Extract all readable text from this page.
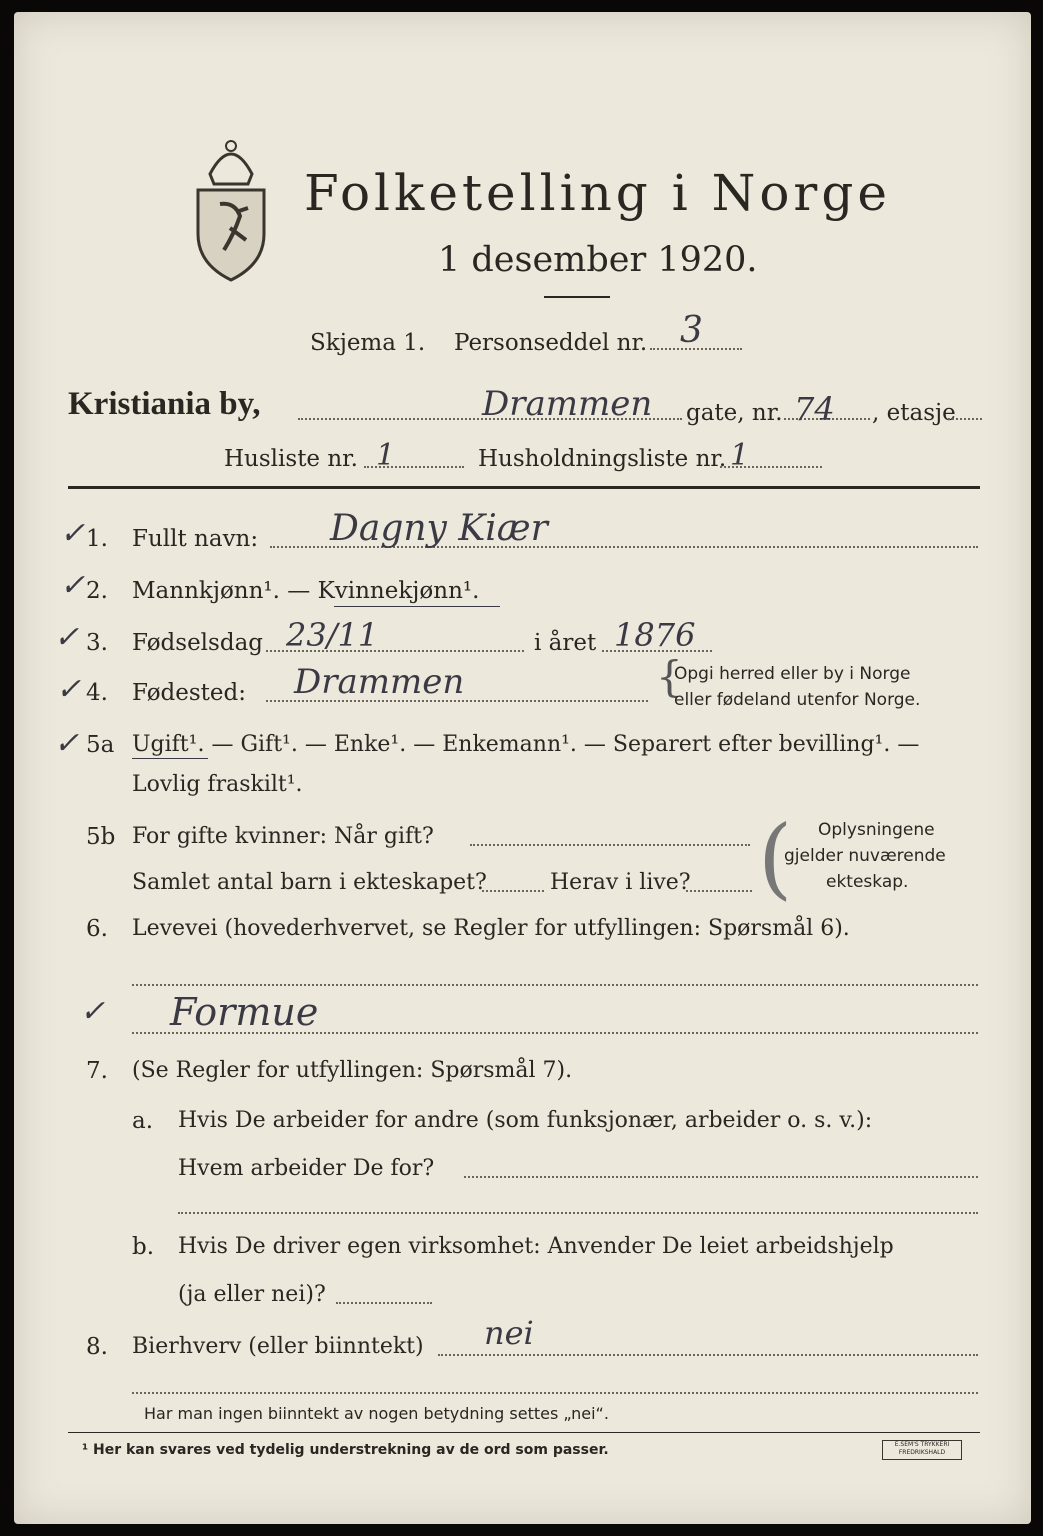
Folketelling i Norge
1 desember 1920.
Skjema 1. Personseddel nr. 3
Kristiania by,	Drammen gate, nr. 74 , etasje
Husliste nr. 1	Husholdningsliste nr. 1
✓
✓
✓
✓
✓
✓
1. Fullt navn: Dagny Kiær
2. Mannkjønn¹. — Kvinnekjønn¹.
3. Fødselsdag 23/11	i året 1876
4. Fødested: Drammen	{
Opgi herred eller by i Norge
eller fødeland utenfor Norge.
5a Ugift¹. — Gift¹. — Enke¹. — Enkemann¹. — Separert efter bevilling¹. —
Lovlig fraskilt¹.
5b For gifte kvinner: Når gift?
Samlet antal barn i ekteskapet?	Herav i live? ( Oplysningene
gjelder nuværende
ekteskap.
6. Levevei (hovederhvervet, se Regler for utfyllingen: Spørsmål 6).
Formue
7. (Se Regler for utfyllingen: Spørsmål 7).
a. Hvis De arbeider for andre (som funksjonær, arbeider o. s. v.):
Hvem arbeider De for?
b. Hvis De driver egen virksomhet: Anvender De leiet arbeidshjelp
(ja eller nei)?
8. Bierhverv (eller biinntekt) nei
Har man ingen biinntekt av nogen betydning settes „nei“.
¹ Her kan svares ved tydelig understrekning av de ord som passer.	E.SEM'S TRYKKERI FREDRIKSHALD
